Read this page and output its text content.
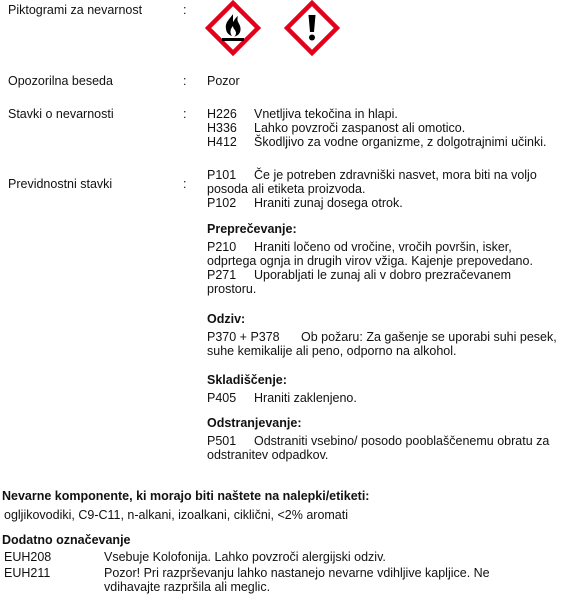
Piktogrami za nevarnost	:
Opozorilna beseda	: Pozor
Stavki o nevarnosti	: H226 Vnetljiva tekočina in hlapi.
H336 Lahko povzroči zaspanost ali omotico.
H412 Škodljivo za vodne organizme, z dolgotrajnimi učinki.
Previdnostni stavki	:
P101 Če je potreben zdravniški nasvet, mora biti na voljo
posoda ali etiketa proizvoda.
P102 Hraniti zunaj dosega otrok.
Preprečevanje:
P210 Hraniti ločeno od vročine, vročih površin, isker,
odprtega ognja in drugih virov vžiga. Kajenje prepovedano.
P271 Uporabljati le zunaj ali v dobro prezračevanem
prostoru.
Odziv:
P370 + P378 Ob požaru: Za gašenje se uporabi suhi pesek,
suhe kemikalije ali peno, odporno na alkohol.
Skladiščenje:
P405 Hraniti zaklenjeno.
Odstranjevanje:
P501 Odstraniti vsebino/ posodo pooblaščenemu obratu za
odstranitev odpadkov.
Nevarne komponente, ki morajo biti naštete na nalepki/etiketi:
ogljikovodiki, C9-C11, n-alkani, izoalkani, ciklični, <2% aromati
Dodatno označevanje
EUH208	Vsebuje Kolofonija. Lahko povzroči alergijski odziv.
EUH211	Pozor! Pri razprševanju lahko nastanejo nevarne vdihljive kapljice. Ne
vdihavajte razpršila ali meglic.
